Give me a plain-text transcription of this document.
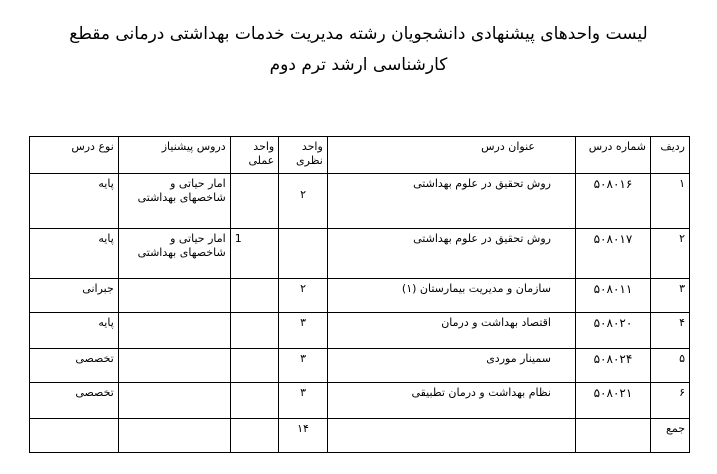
لیست واحدهای پیشنهادی دانشجویان رشته مدیریت خدمات بهداشتی درمانی مقطع
کارشناسی ارشد ترم دوم
ردیف	شماره درس	عنوان درس	واحد نظری	واحد عملی	دروس پیشنیاز	نوع درس
۱	۵۰۸۰۱۶	روش تحقیق در علوم بهداشتی	۲		امار حیاتی و شاخصهای بهداشتی	پایه
۲	۵۰۸۰۱۷	روش تحقیق در علوم بهداشتی		1	امار حیاتی و شاخصهای بهداشتی	پایه
۳	۵۰۸۰۱۱	سازمان و مدیریت بیمارستان (۱)	۲			جبرانی
۴	۵۰۸۰۲۰	اقتصاد بهداشت و درمان	۳			پایه
۵	۵۰۸۰۲۴	سمینار موردی	۳			تخصصی
۶	۵۰۸۰۲۱	نظام بهداشت و درمان تطبیقی	۳			تخصصی
جمع			۱۴			
